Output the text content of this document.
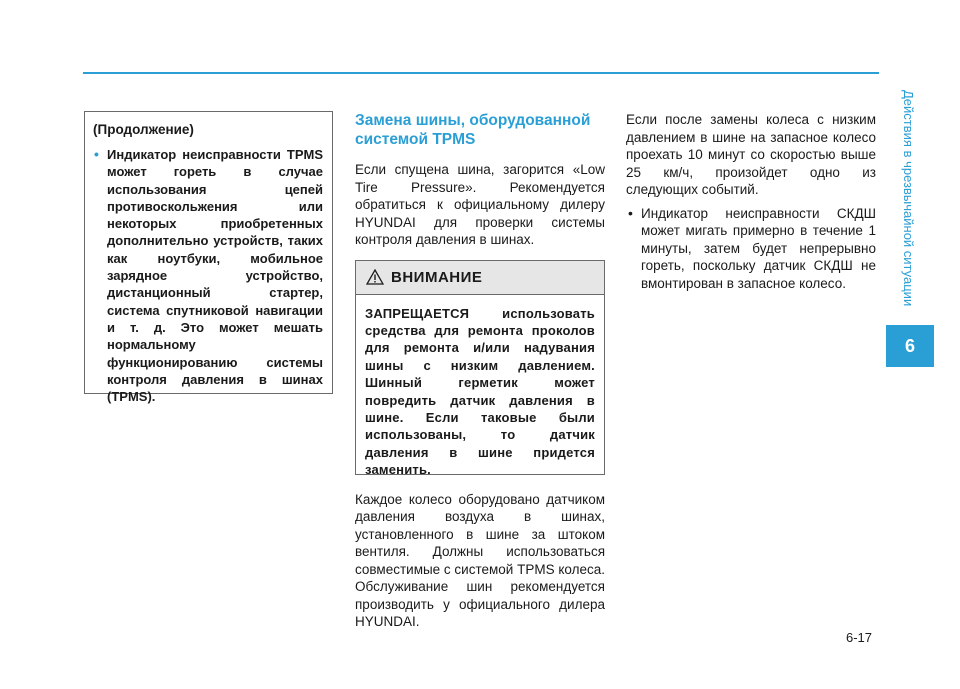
Действия в чрезвычайной ситуации
6

(Продолжение)

• Индикатор неисправности TPMS может гореть в случае использования цепей противоскольжения или некоторых приобретенных дополнительно устройств, таких как ноутбуки, мобильное зарядное устройство, дистанционный стартер, система спутниковой навигации и т. д. Это может мешать нормальному функционированию системы контроля давления в шинах (TPMS).
Замена шины, оборудованной системой TPMS

Если спущена шина, загорится «Low Tire Pressure». Рекомендуется обратиться к официальному дилеру HYUNDAI для проверки системы контроля давления в шинах.

ВНИМАНИЕ
ЗАПРЕЩАЕТСЯ использовать средства для ремонта проколов для ремонта и/или надувания шины с низким давлением. Шинный герметик может повредить датчик давления в шине. Если таковые были использованы, то датчик давления в шине придется заменить.

Каждое колесо оборудовано датчиком давления воздуха в шинах, установленного в шине за штоком вентиля. Должны использоваться совместимые с системой TPMS колеса. Обслуживание шин рекомендуется производить у официального дилера HYUNDAI.

Если после замены колеса с низким давлением в шине на запасное колесо проехать 10 минут со скоростью выше 25 км/ч, произойдет одно из следующих событий.

• Индикатор неисправности СКДШ может мигать примерно в течение 1 минуты, затем будет непрерывно гореть, поскольку датчик СКДШ не вмонтирован в запасное колесо.
6-17
